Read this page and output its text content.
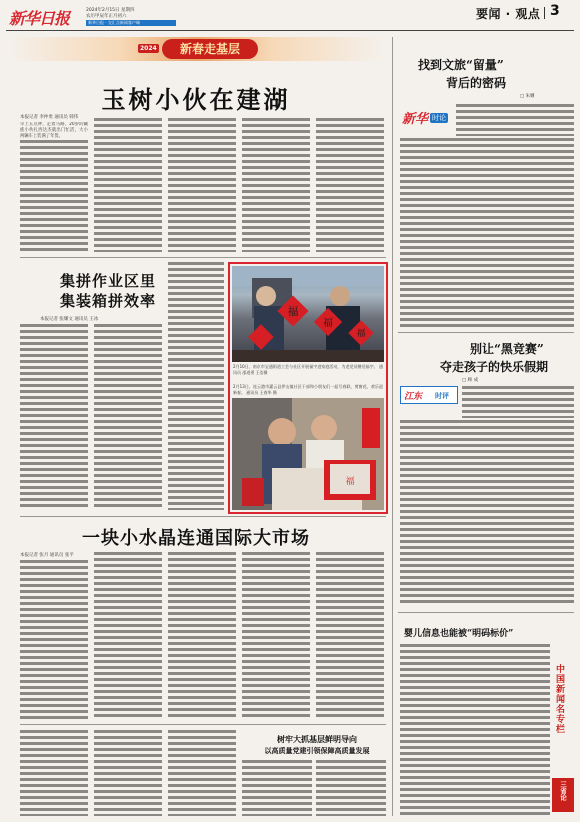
新华日报	2024年2月15日 星期四
农历甲辰年正月初六
新华日报 · 交汇点新闻客户端
要闻 · 观点 3
2024	新春走基层
玉树小伙在建湖
本报记者 李仲勇 通讯员 韩伟
早上五点钟，走着马路，20岁的藏族小伙扎西达杰就出门忙活，大小两辆车上装满了年货。
集拼作业区里
集装箱拼效率
本报记者 张耀文 通讯员 王冰
福
福
福
2月10日，南京市宝通街道工会与社区开展福字进家庭活动，为老党员赠送福字。 通讯员 邵道勇 王浩摄
2月13日，连云港市灌云县伊山镇社区干部和小朋友们一起写春联、剪窗花，欢乐迎新春。 通讯员 王春华 摄
福
一块小水晶连通国际大市场
本报记者 张月 通讯员 张平
树牢大抓基层鲜明导向
以高质量党建引领保障高质量发展
找到文旅“留量”
背后的密码
□ 朱姗
新华 时论
别让“黑竞赛”
夺走孩子的快乐假期
□ 顾 成
江东 时评
婴儿信息也能被“明码标价”
中国新闻名专栏
三省论
